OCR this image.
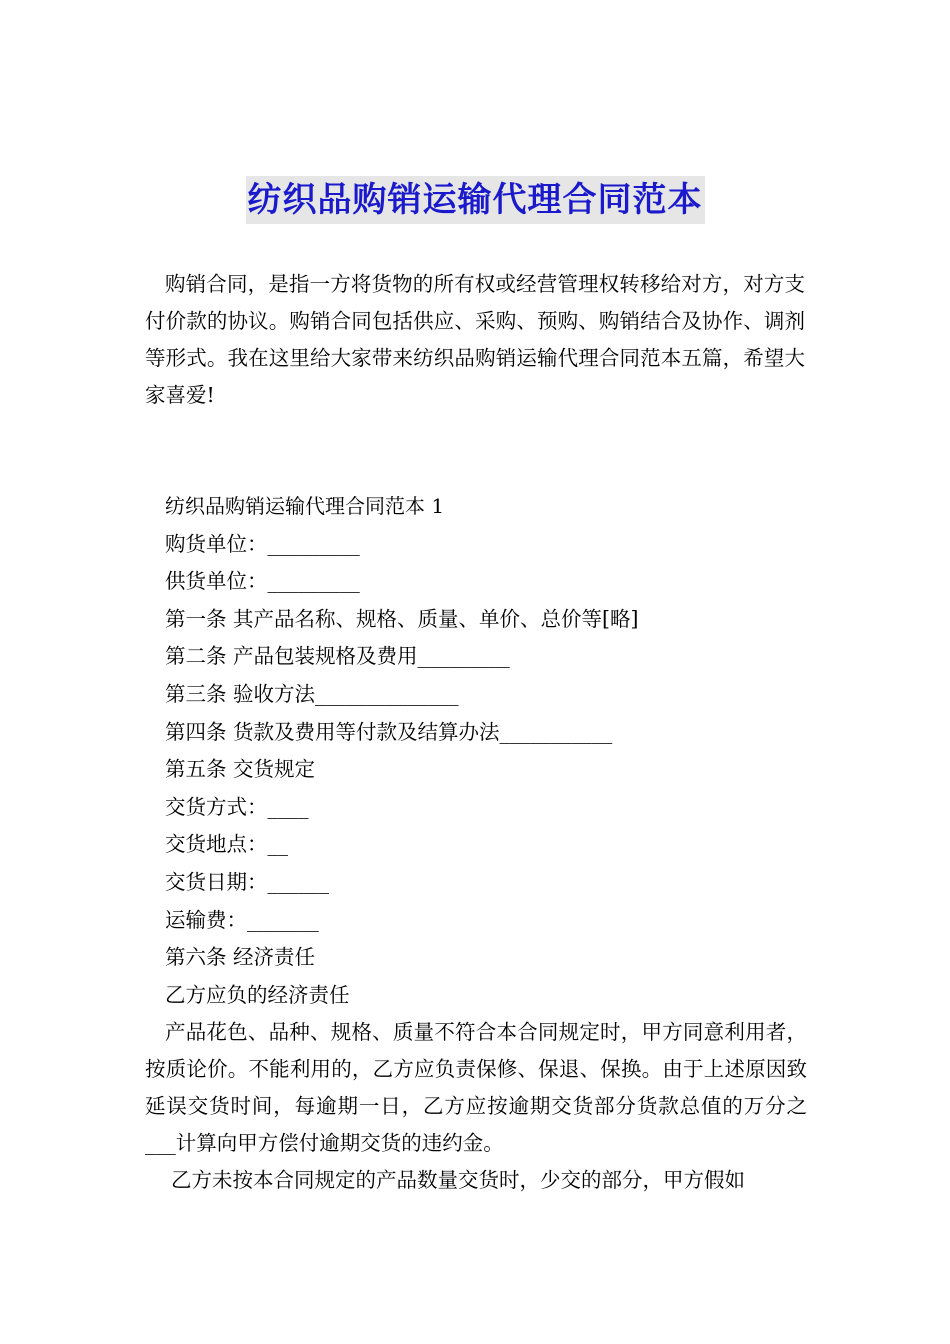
纺织品购销运输代理合同范本

购销合同，是指一方将货物的所有权或经营管理权转移给对方，对方支付价款的协议。购销合同包括供应、采购、预购、购销结合及协作、调剂等形式。我在这里给大家带来纺织品购销运输代理合同范本五篇，希望大家喜爱!

纺织品购销运输代理合同范本 1
购货单位：_________
供货单位：_________
第一条 其产品名称、规格、质量、单价、总价等[略]
第二条 产品包装规格及费用_________
第三条 验收方法______________
第四条 货款及费用等付款及结算办法___________
第五条 交货规定
交货方式：____
交货地点：__
交货日期：______
运输费：_______
第六条 经济责任
乙方应负的经济责任

产品花色、品种、规格、质量不符合本合同规定时，甲方同意利用者，按质论价。不能利用的，乙方应负责保修、保退、保换。由于上述原因致延误交货时间，每逾期一日，乙方应按逾期交货部分货款总值的万分之___计算向甲方偿付逾期交货的违约金。

乙方未按本合同规定的产品数量交货时，少交的部分，甲方假如
